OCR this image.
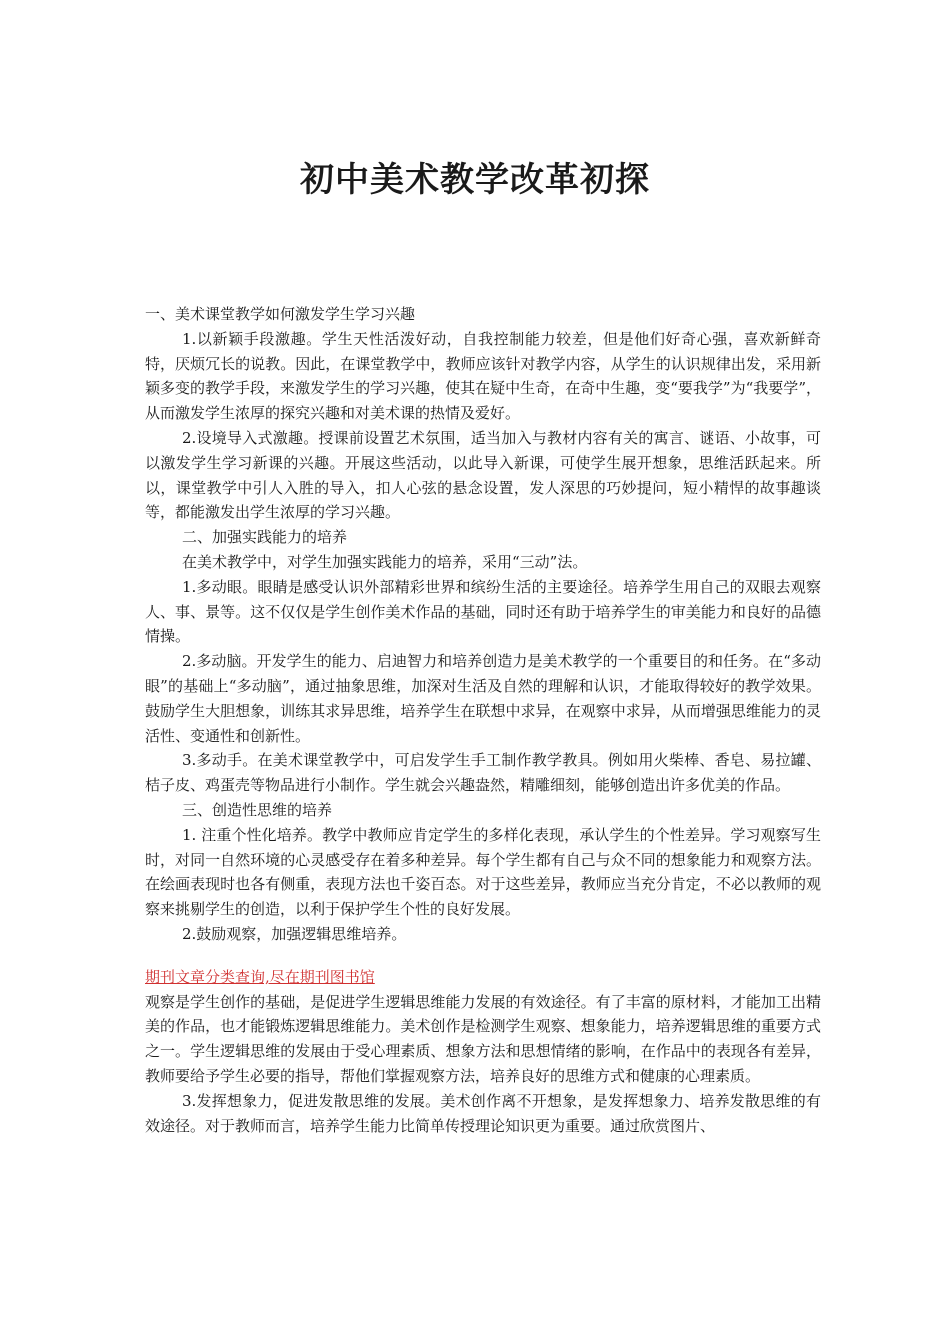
初中美术教学改革初探

一、美术课堂教学如何激发学生学习兴趣

1.以新颖手段激趣。学生天性活泼好动，自我控制能力较差，但是他们好奇心强，喜欢新鲜奇特，厌烦冗长的说教。因此，在课堂教学中，教师应该针对教学内容，从学生的认识规律出发，采用新颖多变的教学手段，来激发学生的学习兴趣，使其在疑中生奇，在奇中生趣，变“要我学”为“我要学”，从而激发学生浓厚的探究兴趣和对美术课的热情及爱好。

2.设境导入式激趣。授课前设置艺术氛围，适当加入与教材内容有关的寓言、谜语、小故事，可以激发学生学习新课的兴趣。开展这些活动，以此导入新课，可使学生展开想象，思维活跃起来。所以，课堂教学中引人入胜的导入，扣人心弦的悬念设置，发人深思的巧妙提问，短小精悍的故事趣谈等，都能激发出学生浓厚的学习兴趣。

二、加强实践能力的培养

在美术教学中，对学生加强实践能力的培养，采用“三动”法。

1.多动眼。眼睛是感受认识外部精彩世界和缤纷生活的主要途径。培养学生用自己的双眼去观察人、事、景等。这不仅仅是学生创作美术作品的基础，同时还有助于培养学生的审美能力和良好的品德情操。

2.多动脑。开发学生的能力、启迪智力和培养创造力是美术教学的一个重要目的和任务。在“多动眼”的基础上“多动脑”，通过抽象思维，加深对生活及自然的理解和认识，才能取得较好的教学效果。鼓励学生大胆想象，训练其求异思维，培养学生在联想中求异，在观察中求异，从而增强思维能力的灵活性、变通性和创新性。

3.多动手。在美术课堂教学中，可启发学生手工制作教学教具。例如用火柴棒、香皂、易拉罐、桔子皮、鸡蛋壳等物品进行小制作。学生就会兴趣盎然，精雕细刻，能够创造出许多优美的作品。

三、创造性思维的培养

1. 注重个性化培养。教学中教师应肯定学生的多样化表现，承认学生的个性差异。学习观察写生时，对同一自然环境的心灵感受存在着多种差异。每个学生都有自己与众不同的想象能力和观察方法。在绘画表现时也各有侧重，表现方法也千姿百态。对于这些差异，教师应当充分肯定，不必以教师的观察来挑剔学生的创造，以利于保护学生个性的良好发展。

2.鼓励观察，加强逻辑思维培养。

期刊文章分类查询,尽在期刊图书馆

观察是学生创作的基础，是促进学生逻辑思维能力发展的有效途径。有了丰富的原材料，才能加工出精美的作品，也才能锻炼逻辑思维能力。美术创作是检测学生观察、想象能力，培养逻辑思维的重要方式之一。学生逻辑思维的发展由于受心理素质、想象方法和思想情绪的影响，在作品中的表现各有差异，教师要给予学生必要的指导，帮他们掌握观察方法，培养良好的思维方式和健康的心理素质。

3.发挥想象力，促进发散思维的发展。美术创作离不开想象，是发挥想象力、培养发散思维的有效途径。对于教师而言，培养学生能力比简单传授理论知识更为重要。通过欣赏图片、
